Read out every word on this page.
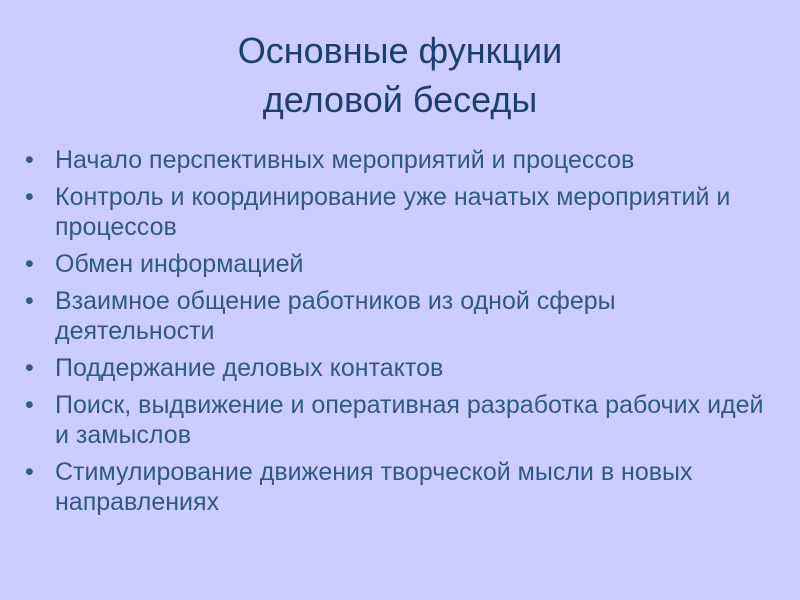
Основные функции
деловой беседы
• Начало перспективных мероприятий и процессов
• Контроль и координирование уже начатых мероприятий и процессов
• Обмен информацией
• Взаимное общение работников из одной сферы деятельности
• Поддержание деловых контактов
• Поиск, выдвижение и оперативная разработка рабочих идей и замыслов
• Стимулирование движения творческой мысли в новых направлениях
